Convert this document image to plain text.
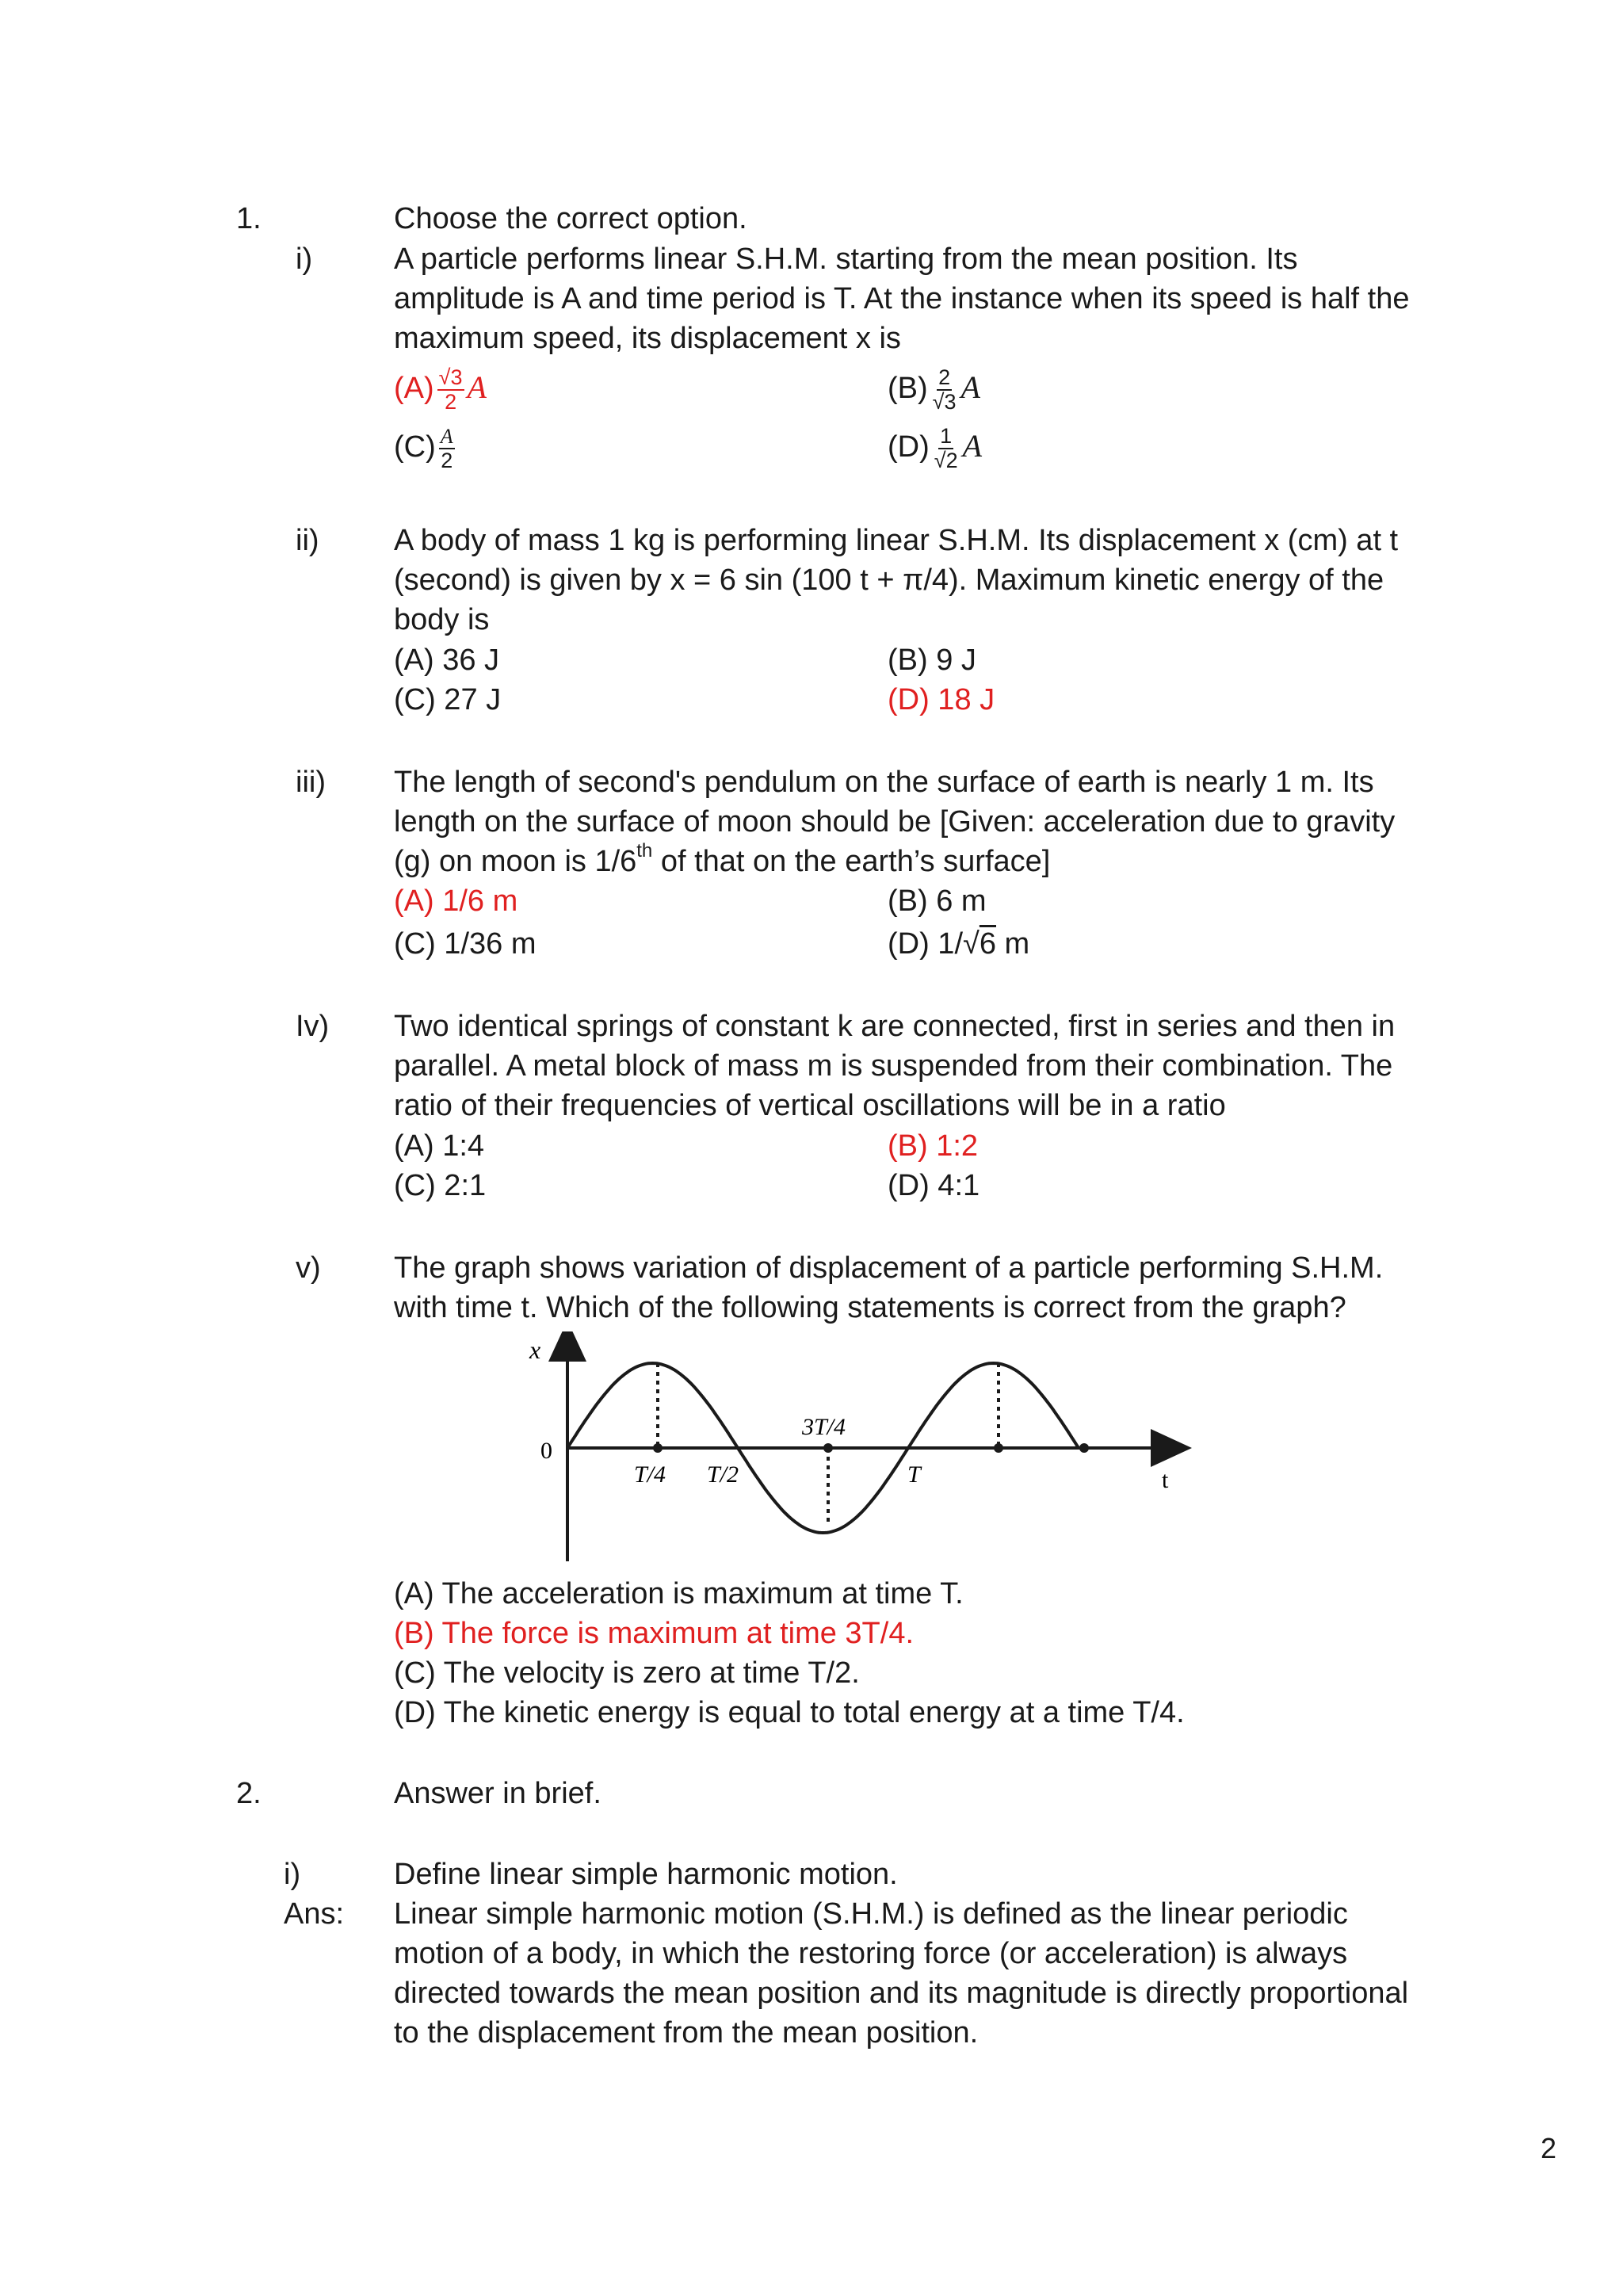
1.	Choose the correct option.
i)	A particle performs linear S.H.M. starting from the mean position. Its
amplitude is A and time period is T. At the instance when its speed is half the
maximum speed, its displacement x is
$(A) \frac{√3}{2}$ A	$(B) \frac{2}{√3}$ A
$(C) \frac{A}{2}$	$(D) \frac{1}{√2}$ A
ii) A body of mass 1 kg is performing linear S.H.M. Its displacement x (cm) at t
(second) is given by x = 6 sin (100 t + π/4). Maximum kinetic energy of the
body is
(A) 36 J	(B) 9 J
(C) 27 J	(D) 18 J
iii) The length of second's pendulum on the surface of earth is nearly 1 m. Its
length on the surface of moon should be [Given: acceleration due to gravity
(g) on moon is 1/6th of that on the earth’s surface]
(A) 1/6 m	(B) 6 m
(C) 1/36 m	(D) 1/√6 m
Iv) Two identical springs of constant k are connected, first in series and then in
parallel. A metal block of mass m is suspended from their combination. The
ratio of their frequencies of vertical oscillations will be in a ratio
(A) 1:4	(B) 1:2
(C) 2:1	(D) 4:1
v) The graph shows variation of displacement of a particle performing S.H.M.
with time t. Which of the following statements is correct from the graph?
x
0
T/4 T/2
3T/4
T	t
(A) The acceleration is maximum at time T.
(B) The force is maximum at time 3T/4.
(C) The velocity is zero at time T/2.
(D) The kinetic energy is equal to total energy at a time T/4.
2.	Answer in brief.
i)	Define linear simple harmonic motion.
Ans: Linear simple harmonic motion (S.H.M.) is defined as the linear periodic
motion of a body, in which the restoring force (or acceleration) is always
directed towards the mean position and its magnitude is directly proportional
to the displacement from the mean position.
2
